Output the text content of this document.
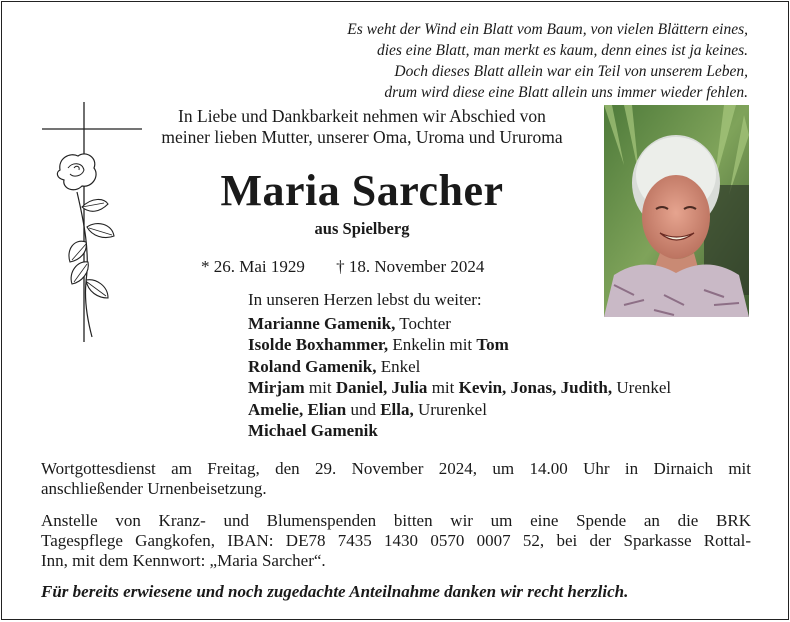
Es weht der Wind ein Blatt vom Baum, von vielen Blättern eines,
dies eine Blatt, man merkt es kaum, denn eines ist ja keines.
Doch dieses Blatt allein war ein Teil von unserem Leben,
drum wird diese eine Blatt allein uns immer wieder fehlen.
In Liebe und Dankbarkeit nehmen wir Abschied von
meiner lieben Mutter, unserer Oma, Uroma und Ururoma
Maria Sarcher
aus Spielberg
* 26. Mai 1929 † 18. November 2024
In unseren Herzen lebst du weiter:
Marianne Gamenik, Tochter
Isolde Boxhammer, Enkelin mit Tom
Roland Gamenik, Enkel
Mirjam mit Daniel, Julia mit Kevin, Jonas, Judith, Urenkel
Amelie, Elian und Ella, Ururenkel
Michael Gamenik
Wortgottesdienst am Freitag, den 29. November 2024, um 14.00 Uhr in Dirnaich mit
anschließender Urnenbeisetzung.
Anstelle von Kranz- und Blumenspenden bitten wir um eine Spende an die BRK
Tagespflege Gangkofen, IBAN: DE78 7435 1430 0570 0007 52, bei der Sparkasse Rottal-
Inn, mit dem Kennwort: „Maria Sarcher“.
Für bereits erwiesene und noch zugedachte Anteilnahme danken wir recht herzlich.
